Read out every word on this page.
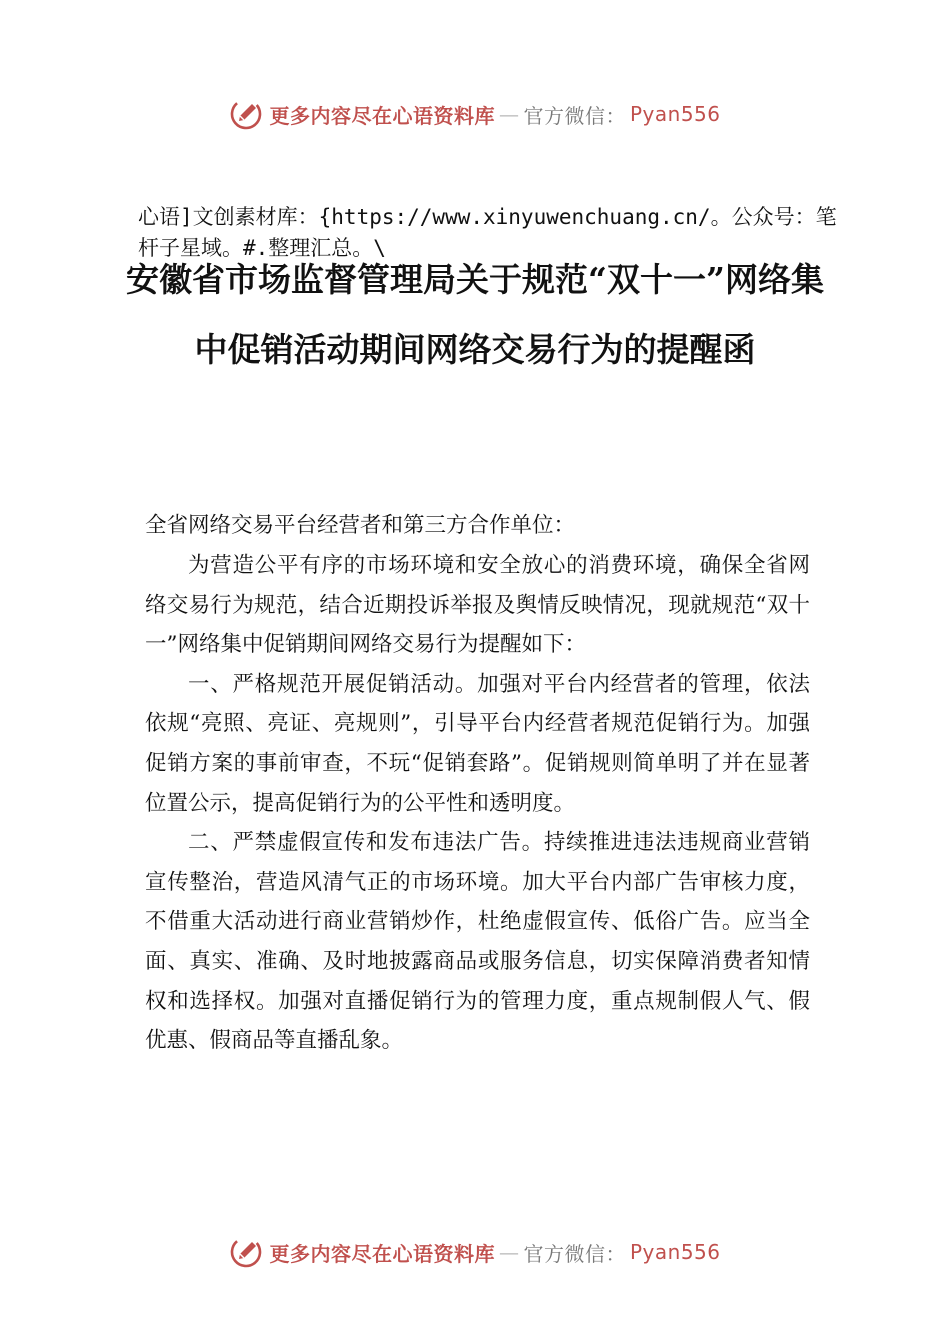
更多内容尽在心语资料库 — 官方微信： Pyan556
心语]文创素材库：{https://www.xinyuwenchuang.cn/。公众号：笔杆子星域。#.整理汇总。\
安徽省市场监督管理局关于规范“双十一”网络集中促销活动期间网络交易行为的提醒函

全省网络交易平台经营者和第三方合作单位：

为营造公平有序的市场环境和安全放心的消费环境，确保全省网络交易行为规范，结合近期投诉举报及舆情反映情况，现就规范“双十一”网络集中促销期间网络交易行为提醒如下：

一、严格规范开展促销活动。加强对平台内经营者的管理，依法依规“亮照、亮证、亮规则”，引导平台内经营者规范促销行为。加强促销方案的事前审查，不玩“促销套路”。促销规则简单明了并在显著位置公示，提高促销行为的公平性和透明度。

二、严禁虚假宣传和发布违法广告。持续推进违法违规商业营销宣传整治，营造风清气正的市场环境。加大平台内部广告审核力度，不借重大活动进行商业营销炒作，杜绝虚假宣传、低俗广告。应当全面、真实、准确、及时地披露商品或服务信息，切实保障消费者知情权和选择权。加强对直播促销行为的管理力度，重点规制假人气、假优惠、假商品等直播乱象。

更多内容尽在心语资料库 — 官方微信： Pyan556
